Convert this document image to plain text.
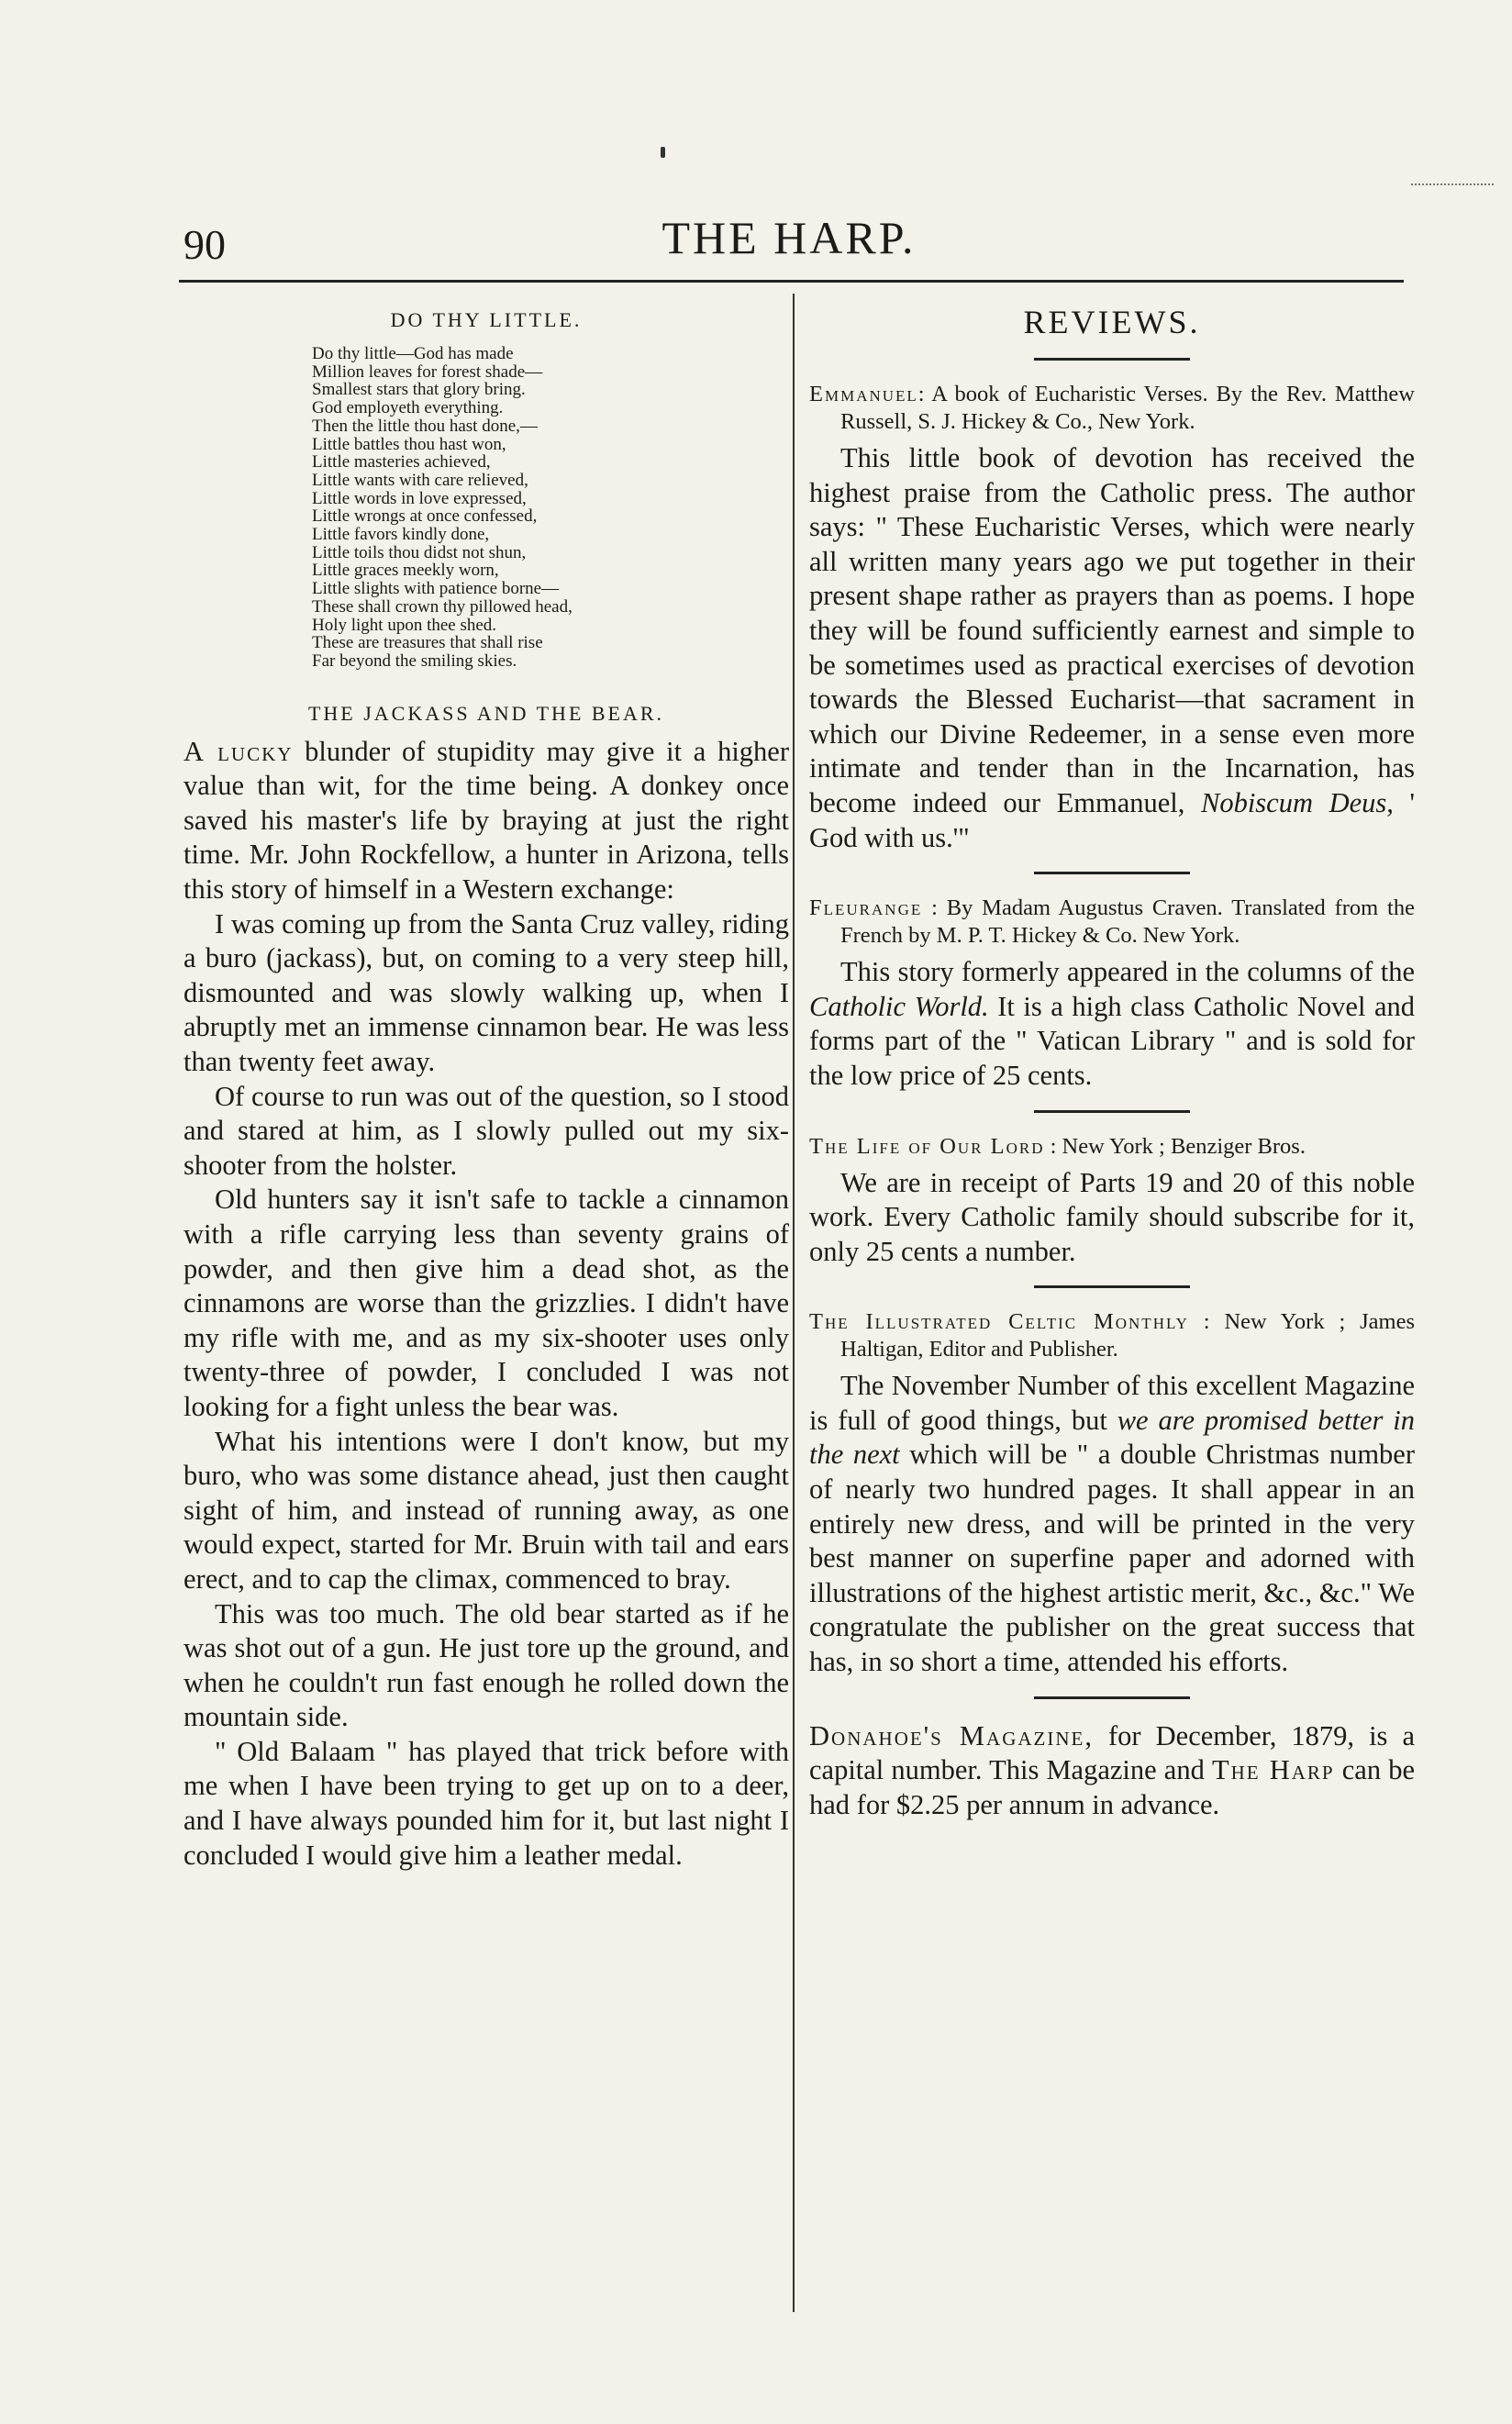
90	THE HARP.
DO THY LITTLE.
Do thy little—God has made
Million leaves for forest shade—
Smallest stars that glory bring.
God employeth everything.
Then the little thou hast done,—
Little battles thou hast won,
Little masteries achieved,
Little wants with care relieved,
Little words in love expressed,
Little wrongs at once confessed,
Little favors kindly done,
Little toils thou didst not shun,
Little graces meekly worn,
Little slights with patience borne—
These shall crown thy pillowed head,
Holy light upon thee shed.
These are treasures that shall rise
Far beyond the smiling skies.
THE JACKASS AND THE BEAR.

A lucky blunder of stupidity may give it a higher value than wit, for the time being. A donkey once saved his master's life by braying at just the right time. Mr. John Rockfellow, a hunter in Arizona, tells this story of himself in a Western exchange:

I was coming up from the Santa Cruz valley, riding a buro (jackass), but, on coming to a very steep hill, dismounted and was slowly walking up, when I abruptly met an immense cinnamon bear. He was less than twenty feet away.

Of course to run was out of the question, so I stood and stared at him, as I slowly pulled out my six-shooter from the holster.

Old hunters say it isn't safe to tackle a cinnamon with a rifle carrying less than seventy grains of powder, and then give him a dead shot, as the cinnamons are worse than the grizzlies. I didn't have my rifle with me, and as my six-shooter uses only twenty-three of powder, I concluded I was not looking for a fight unless the bear was.

What his intentions were I don't know, but my buro, who was some distance ahead, just then caught sight of him, and instead of running away, as one would expect, started for Mr. Bruin with tail and ears erect, and to cap the climax, commenced to bray.

This was too much. The old bear started as if he was shot out of a gun. He just tore up the ground, and when he couldn't run fast enough he rolled down the mountain side.

" Old Balaam " has played that trick before with me when I have been trying to get up on to a deer, and I have always pounded him for it, but last night I concluded I would give him a leather medal.

REVIEWS.

Emmanuel: A book of Eucharistic Verses. By the Rev. Matthew Russell, S. J. Hickey & Co., New York.

This little book of devotion has received the highest praise from the Catholic press. The author says: " These Eucharistic Verses, which were nearly all written many years ago we put together in their present shape rather as prayers than as poems. I hope they will be found sufficiently earnest and simple to be sometimes used as practical exercises of devotion towards the Blessed Eucharist—that sacrament in which our Divine Redeemer, in a sense even more intimate and tender than in the Incarnation, has become indeed our Emmanuel, Nobiscum Deus, ' God with us.'"

Fleurange : By Madam Augustus Craven. Translated from the French by M. P. T. Hickey & Co. New York.

This story formerly appeared in the columns of the Catholic World. It is a high class Catholic Novel and forms part of the " Vatican Library " and is sold for the low price of 25 cents.

The Life of Our Lord : New York ; Benziger Bros.

We are in receipt of Parts 19 and 20 of this noble work. Every Catholic family should subscribe for it, only 25 cents a number.

The Illustrated Celtic Monthly : New York ; James Haltigan, Editor and Publisher.

The November Number of this excellent Magazine is full of good things, but we are promised better in the next which will be " a double Christmas number of nearly two hundred pages. It shall appear in an entirely new dress, and will be printed in the very best manner on superfine paper and adorned with illustrations of the highest artistic merit, &c., &c." We congratulate the publisher on the great success that has, in so short a time, attended his efforts.

Donahoe's Magazine, for December, 1879, is a capital number. This Magazine and The Harp can be had for $2.25 per annum in advance.
